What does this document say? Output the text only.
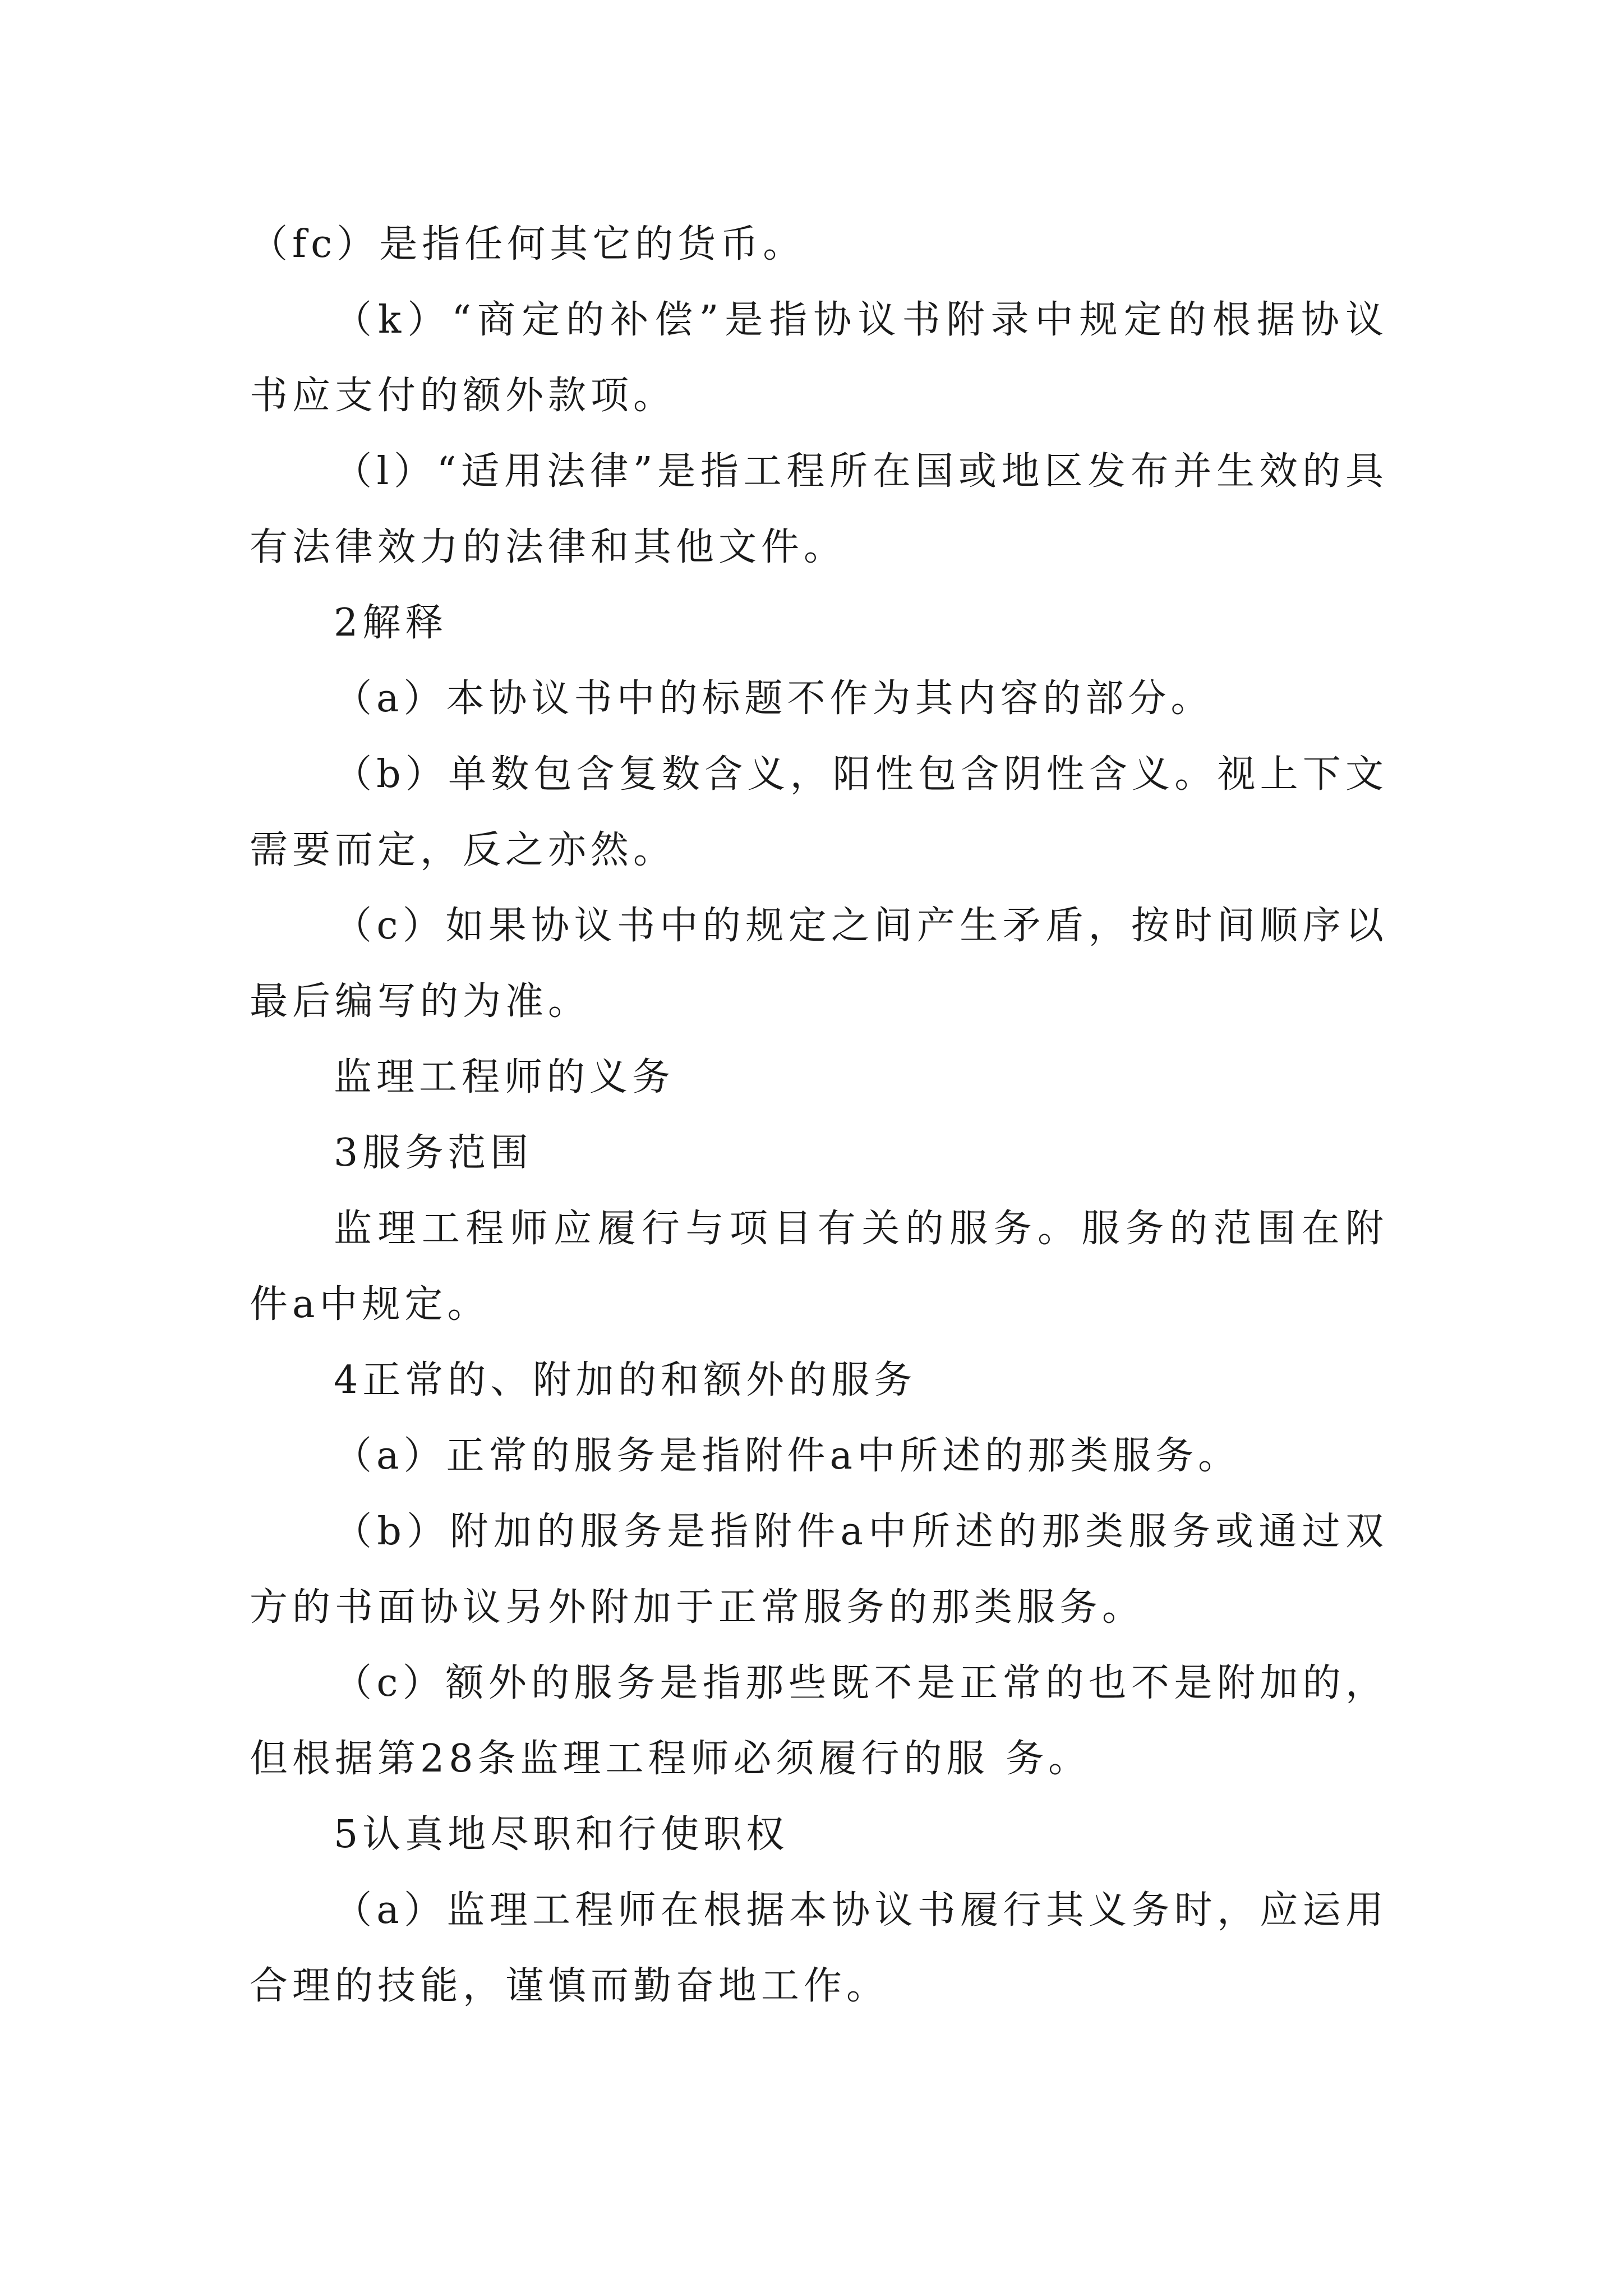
（fc）是指任何其它的货币。

（k）“商定的补偿”是指协议书附录中规定的根据协议书应支付的额外款项。

（l）“适用法律”是指工程所在国或地区发布并生效的具有法律效力的法律和其他文件。

2解释

（a）本协议书中的标题不作为其内容的部分。

（b）单数包含复数含义，阳性包含阴性含义。视上下文需要而定，反之亦然。

（c）如果协议书中的规定之间产生矛盾，按时间顺序以最后编写的为准。

监理工程师的义务

3服务范围

监理工程师应履行与项目有关的服务。服务的范围在附件a中规定。

4正常的、附加的和额外的服务

（a）正常的服务是指附件a中所述的那类服务。

（b）附加的服务是指附件a中所述的那类服务或通过双方的书面协议另外附加于正常服务的那类服务。

（c）额外的服务是指那些既不是正常的也不是附加的，但根据第28条监理工程师必须履行的服 务。

5认真地尽职和行使职权

（a）监理工程师在根据本协议书履行其义务时，应运用合理的技能，谨慎而勤奋地工作。
